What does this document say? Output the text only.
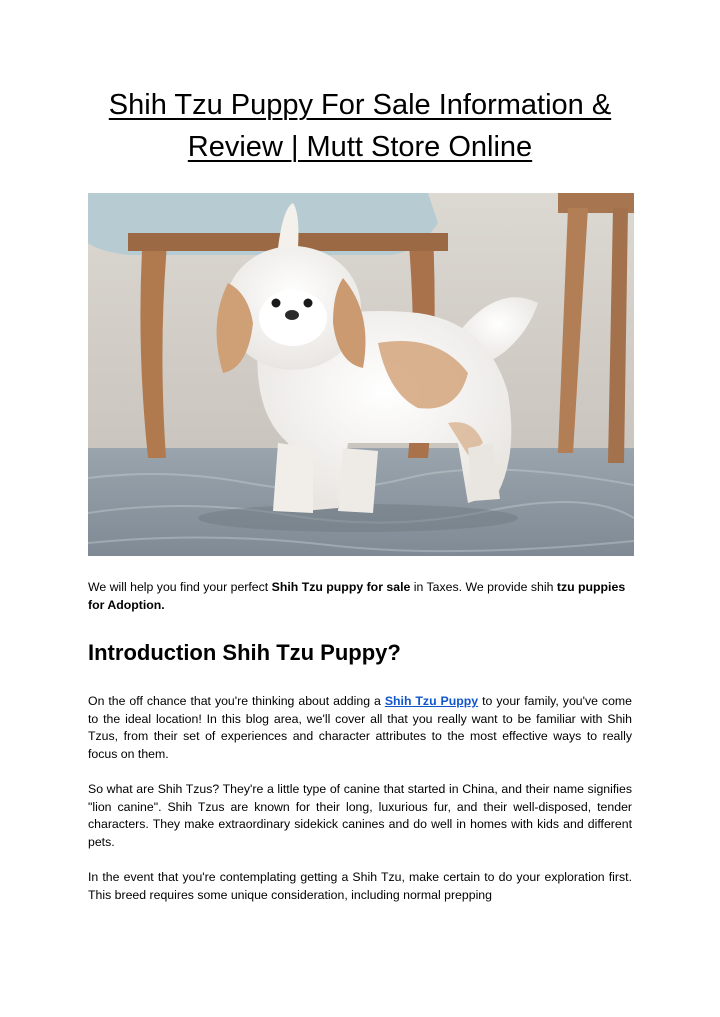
Shih Tzu Puppy For Sale Information &
Review | Mutt Store Online

We will help you find your perfect Shih Tzu puppy for sale in Taxes. We provide shih tzu puppies for Adoption.

Introduction Shih Tzu Puppy?

On the off chance that you're thinking about adding a Shih Tzu Puppy to your family, you've come to the ideal location! In this blog area, we'll cover all that you really want to be familiar with Shih Tzus, from their set of experiences and character attributes to the most effective ways to really focus on them.

So what are Shih Tzus? They're a little type of canine that started in China, and their name signifies "lion canine". Shih Tzus are known for their long, luxurious fur, and their well-disposed, tender characters. They make extraordinary sidekick canines and do well in homes with kids and different pets.

In the event that you're contemplating getting a Shih Tzu, make certain to do your exploration first. This breed requires some unique consideration, including normal prepping
